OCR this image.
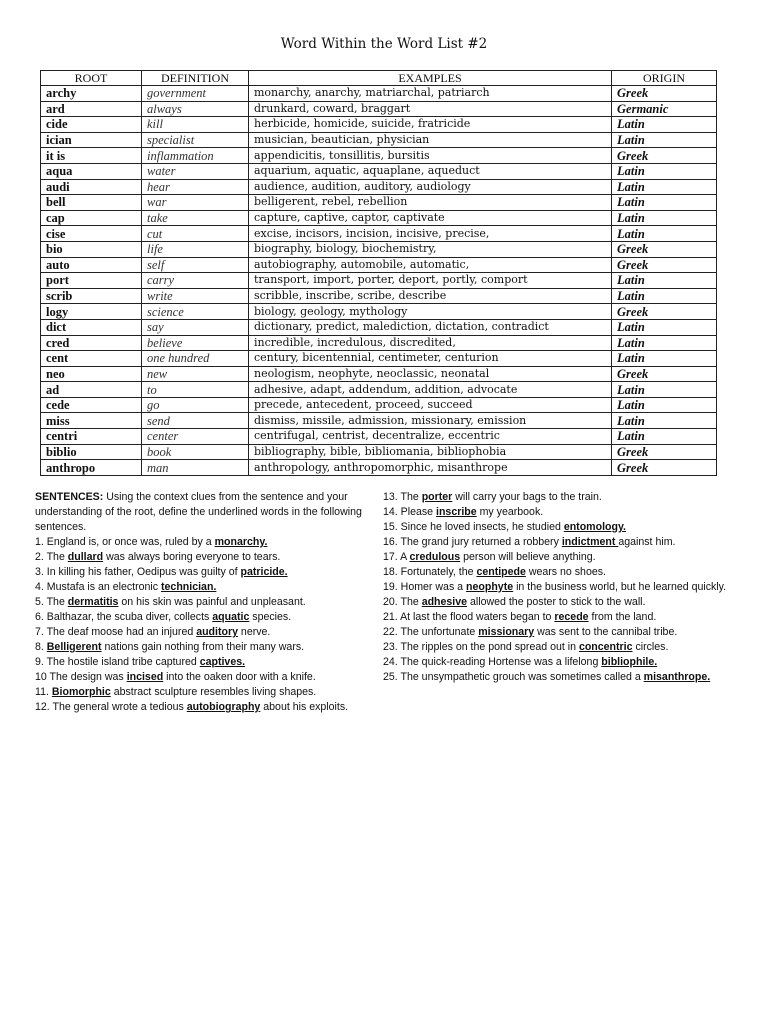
Word Within the Word List #2
ROOT	DEFINITION	EXAMPLES	ORIGIN
archy	government	monarchy, anarchy, matriarchal, patriarch	Greek
ard	always	drunkard, coward, braggart	Germanic
cide	kill	herbicide, homicide, suicide, fratricide	Latin
ician	specialist	musician, beautician, physician	Latin
it is	inflammation	appendicitis, tonsillitis, bursitis	Greek
aqua	water	aquarium, aquatic, aquaplane, aqueduct	Latin
audi	hear	audience, audition, auditory, audiology	Latin
bell	war	belligerent, rebel, rebellion	Latin
cap	take	capture, captive, captor, captivate	Latin
cise	cut	excise, incisors, incision, incisive, precise,	Latin
bio	life	biography, biology, biochemistry,	Greek
auto	self	autobiography, automobile, automatic,	Greek
port	carry	transport, import, porter, deport, portly, comport	Latin
scrib	write	scribble, inscribe, scribe, describe	Latin
logy	science	biology, geology, mythology	Greek
dict	say	dictionary, predict, malediction, dictation, contradict	Latin
cred	believe	incredible, incredulous, discredited,	Latin
cent	one hundred	century, bicentennial, centimeter, centurion	Latin
neo	new	neologism, neophyte, neoclassic, neonatal	Greek
ad	to	adhesive, adapt, addendum, addition, advocate	Latin
cede	go	precede, antecedent, proceed, succeed	Latin
miss	send	dismiss, missile, admission, missionary, emission	Latin
centri	center	centrifugal, centrist, decentralize, eccentric	Latin
biblio	book	bibliography, bible, bibliomania, bibliophobia	Greek
anthropo	man	anthropology, anthropomorphic, misanthrope	Greek

SENTENCES: Using the context clues from the sentence and your understanding of the root, define the underlined words in the following sentences.

1. England is, or once was, ruled by a monarchy.

2. The dullard was always boring everyone to tears.

3. In killing his father, Oedipus was guilty of patricide.

4. Mustafa is an electronic technician.

5. The dermatitis on his skin was painful and unpleasant.

6. Balthazar, the scuba diver, collects aquatic species.

7. The deaf moose had an injured auditory nerve.

8. Belligerent nations gain nothing from their many wars.

9. The hostile island tribe captured captives.

10 The design was incised into the oaken door with a knife.

11. Biomorphic abstract sculpture resembles living shapes.

12. The general wrote a tedious autobiography about his exploits.

13. The porter will carry your bags to the train.

14. Please inscribe my yearbook.

15. Since he loved insects, he studied entomology.

16. The grand jury returned a robbery indictment against him.

17. A credulous person will believe anything.

18. Fortunately, the centipede wears no shoes.

19. Homer was a neophyte in the business world, but he learned quickly.

20. The adhesive allowed the poster to stick to the wall.

21. At last the flood waters began to recede from the land.

22. The unfortunate missionary was sent to the cannibal tribe.

23. The ripples on the pond spread out in concentric circles.

24. The quick-reading Hortense was a lifelong bibliophile.

25. The unsympathetic grouch was sometimes called a misanthrope.
